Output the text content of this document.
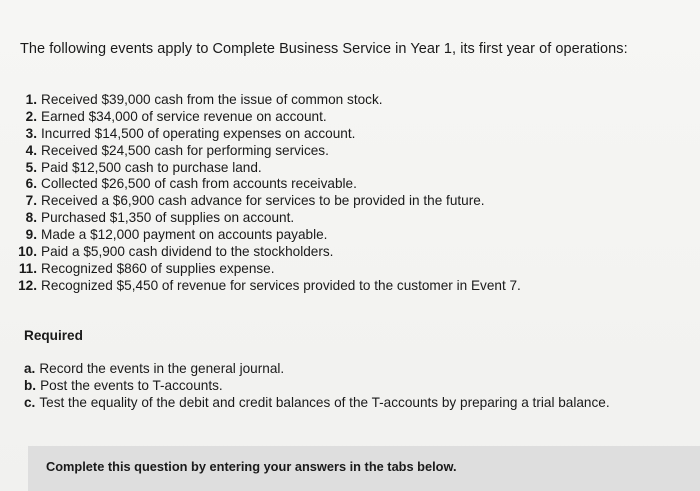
The following events apply to Complete Business Service in Year 1, its first year of operations:
1. Received $39,000 cash from the issue of common stock.
2. Earned $34,000 of service revenue on account.
3. Incurred $14,500 of operating expenses on account.
4. Received $24,500 cash for performing services.
5. Paid $12,500 cash to purchase land.
6. Collected $26,500 of cash from accounts receivable.
7. Received a $6,900 cash advance for services to be provided in the future.
8. Purchased $1,350 of supplies on account.
9. Made a $12,000 payment on accounts payable.
10. Paid a $5,900 cash dividend to the stockholders.
11. Recognized $860 of supplies expense.
12. Recognized $5,450 of revenue for services provided to the customer in Event 7.
Required
a. Record the events in the general journal.
b. Post the events to T-accounts.
c. Test the equality of the debit and credit balances of the T-accounts by preparing a trial balance.
Complete this question by entering your answers in the tabs below.
